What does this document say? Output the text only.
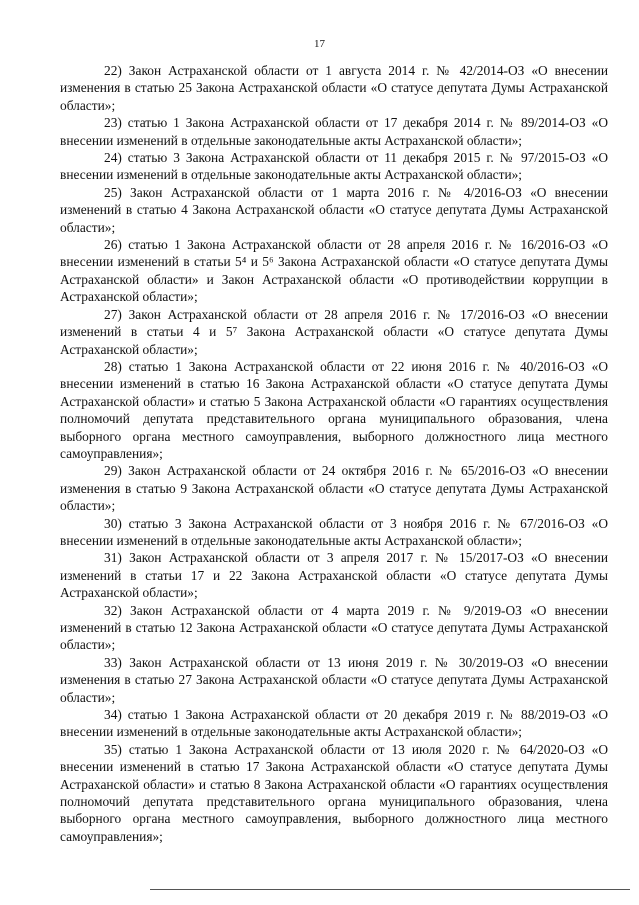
17

22) Закон Астраханской области от 1 августа 2014 г. № 42/2014-ОЗ «О внесении изменения в статью 25 Закона Астраханской области «О статусе депутата Думы Астраханской области»;

23) статью 1 Закона Астраханской области от 17 декабря 2014 г. № 89/2014-ОЗ «О внесении изменений в отдельные законодательные акты Астраханской области»;

24) статью 3 Закона Астраханской области от 11 декабря 2015 г. № 97/2015-ОЗ «О внесении изменений в отдельные законодательные акты Астраханской области»;

25) Закон Астраханской области от 1 марта 2016 г. № 4/2016-ОЗ «О внесении изменений в статью 4 Закона Астраханской области «О статусе депутата Думы Астраханской области»;

26) статью 1 Закона Астраханской области от 28 апреля 2016 г. № 16/2016-ОЗ «О внесении изменений в статьи 5⁴ и 5⁶ Закона Астраханской области «О статусе депутата Думы Астраханской области» и Закон Астраханской области «О противодействии коррупции в Астраханской области»;

27) Закон Астраханской области от 28 апреля 2016 г. № 17/2016-ОЗ «О внесении изменений в статьи 4 и 5⁷ Закона Астраханской области «О статусе депутата Думы Астраханской области»;

28) статью 1 Закона Астраханской области от 22 июня 2016 г. № 40/2016-ОЗ «О внесении изменений в статью 16 Закона Астраханской области «О статусе депутата Думы Астраханской области» и статью 5 Закона Астраханской области «О гарантиях осуществления полномочий депутата представительного органа муниципального образования, члена выборного органа местного самоуправления, выборного должностного лица местного самоуправления»;

29) Закон Астраханской области от 24 октября 2016 г. № 65/2016-ОЗ «О внесении изменения в статью 9 Закона Астраханской области «О статусе депутата Думы Астраханской области»;

30) статью 3 Закона Астраханской области от 3 ноября 2016 г. № 67/2016-ОЗ «О внесении изменений в отдельные законодательные акты Астраханской области»;

31) Закон Астраханской области от 3 апреля 2017 г. № 15/2017-ОЗ «О внесении изменений в статьи 17 и 22 Закона Астраханской области «О статусе депутата Думы Астраханской области»;

32) Закон Астраханской области от 4 марта 2019 г. № 9/2019-ОЗ «О внесении изменений в статью 12 Закона Астраханской области «О статусе депутата Думы Астраханской области»;

33) Закон Астраханской области от 13 июня 2019 г. № 30/2019-ОЗ «О внесении изменения в статью 27 Закона Астраханской области «О статусе депутата Думы Астраханской области»;

34) статью 1 Закона Астраханской области от 20 декабря 2019 г. № 88/2019-ОЗ «О внесении изменений в отдельные законодательные акты Астраханской области»;

35) статью 1 Закона Астраханской области от 13 июля 2020 г. № 64/2020-ОЗ «О внесении изменений в статью 17 Закона Астраханской области «О статусе депутата Думы Астраханской области» и статью 8 Закона Астраханской области «О гарантиях осуществления полномочий депутата представительного органа муниципального образования, члена выборного органа местного самоуправления, выборного должностного лица местного самоуправления»;
